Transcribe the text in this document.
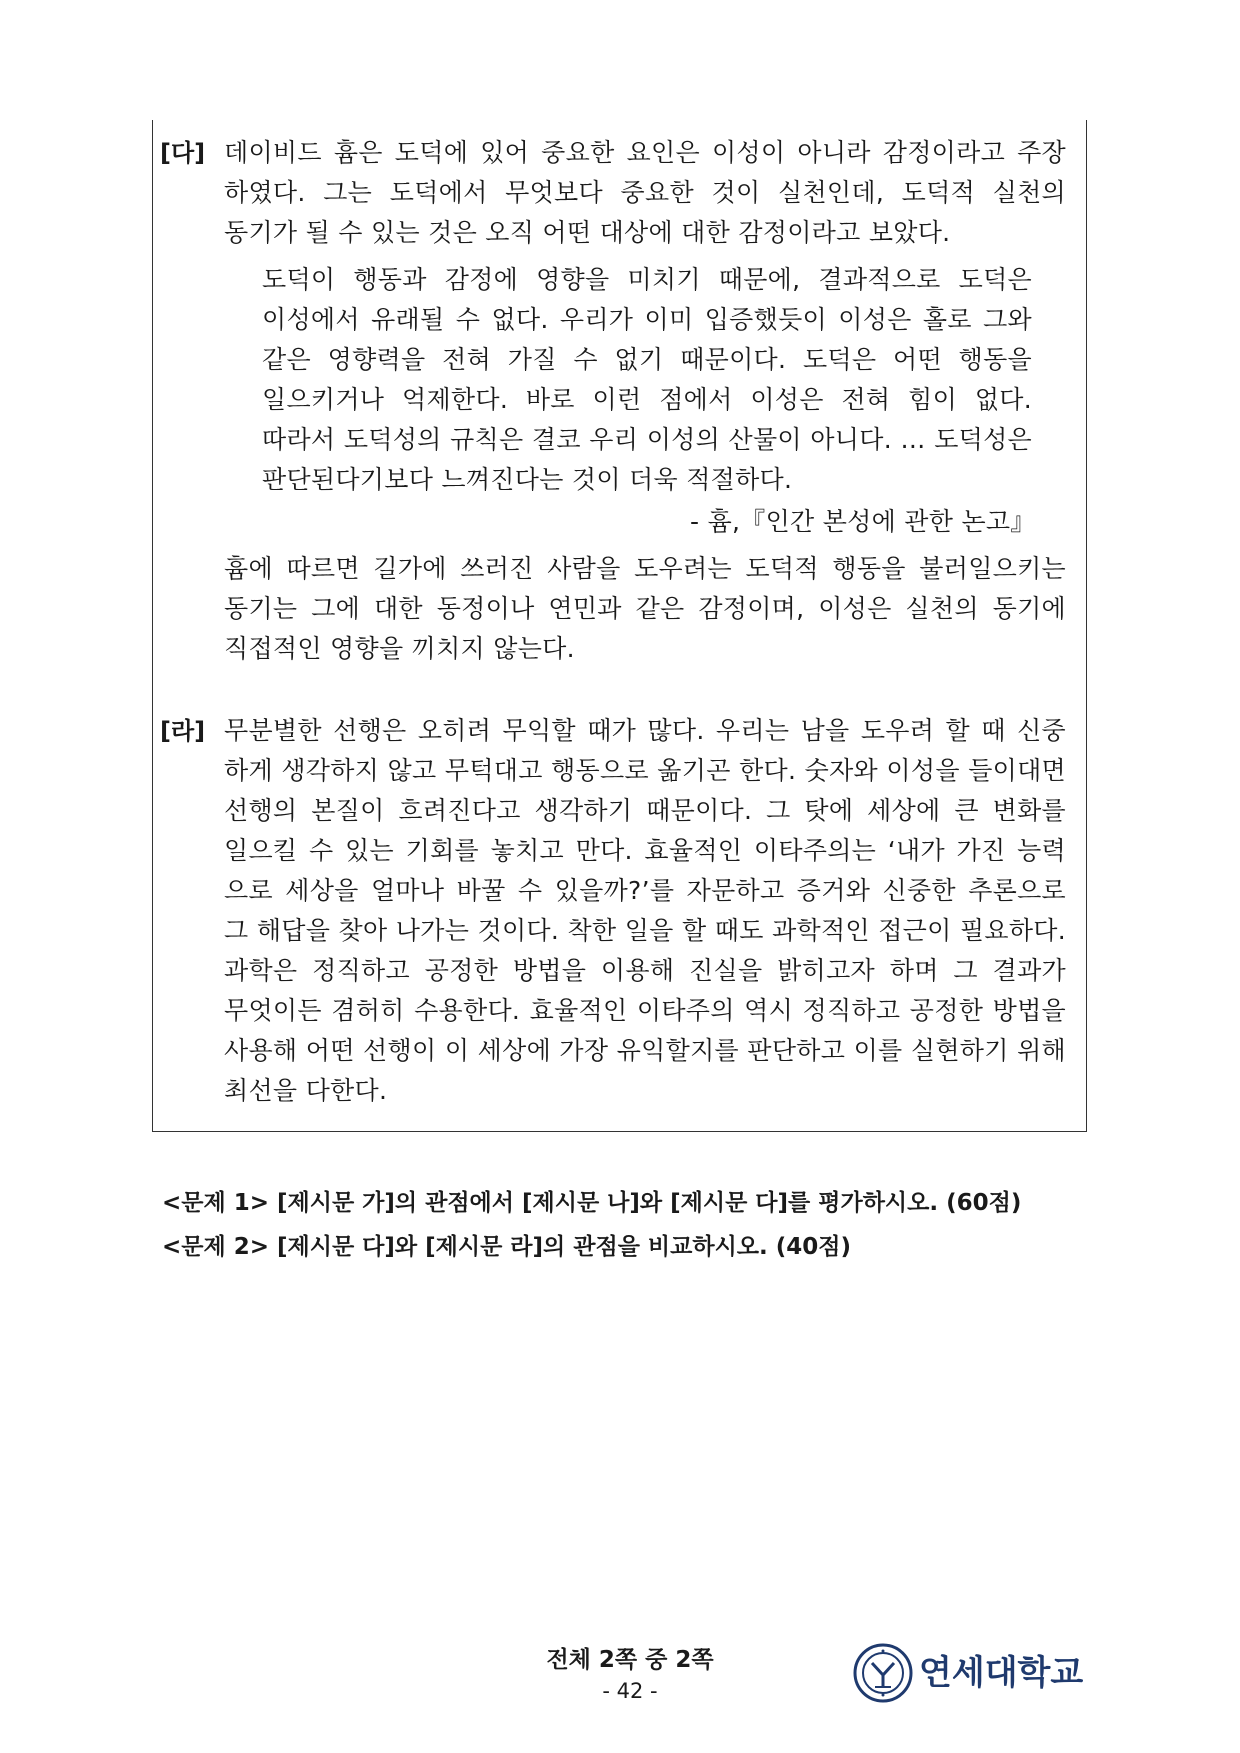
[다] 데이비드 흄은 도덕에 있어 중요한 요인은 이성이 아니라 감정이라고 주장
하였다. 그는 도덕에서 무엇보다 중요한 것이 실천인데, 도덕적 실천의
동기가 될 수 있는 것은 오직 어떤 대상에 대한 감정이라고 보았다.
도덕이 행동과 감정에 영향을 미치기 때문에, 결과적으로 도덕은
이성에서 유래될 수 없다. 우리가 이미 입증했듯이 이성은 홀로 그와
같은 영향력을 전혀 가질 수 없기 때문이다. 도덕은 어떤 행동을
일으키거나 억제한다. 바로 이런 점에서 이성은 전혀 힘이 없다.
따라서 도덕성의 규칙은 결코 우리 이성의 산물이 아니다. … 도덕성은
판단된다기보다 느껴진다는 것이 더욱 적절하다.
- 흄,『인간 본성에 관한 논고』
흄에 따르면 길가에 쓰러진 사람을 도우려는 도덕적 행동을 불러일으키는
동기는 그에 대한 동정이나 연민과 같은 감정이며, 이성은 실천의 동기에
직접적인 영향을 끼치지 않는다.
[라] 무분별한 선행은 오히려 무익할 때가 많다. 우리는 남을 도우려 할 때 신중
하게 생각하지 않고 무턱대고 행동으로 옮기곤 한다. 숫자와 이성을 들이대면
선행의 본질이 흐려진다고 생각하기 때문이다. 그 탓에 세상에 큰 변화를
일으킬 수 있는 기회를 놓치고 만다. 효율적인 이타주의는 ‘내가 가진 능력
으로 세상을 얼마나 바꿀 수 있을까?’를 자문하고 증거와 신중한 추론으로
그 해답을 찾아 나가는 것이다. 착한 일을 할 때도 과학적인 접근이 필요하다.
과학은 정직하고 공정한 방법을 이용해 진실을 밝히고자 하며 그 결과가
무엇이든 겸허히 수용한다. 효율적인 이타주의 역시 정직하고 공정한 방법을
사용해 어떤 선행이 이 세상에 가장 유익할지를 판단하고 이를 실현하기 위해
최선을 다한다.
<문제 1> [제시문 가]의 관점에서 [제시문 나]와 [제시문 다]를 평가하시오. (60점)
<문제 2> [제시문 다]와 [제시문 라]의 관점을 비교하시오. (40점)
전체 2쪽 중 2쪽
- 42 -	연세대학교
